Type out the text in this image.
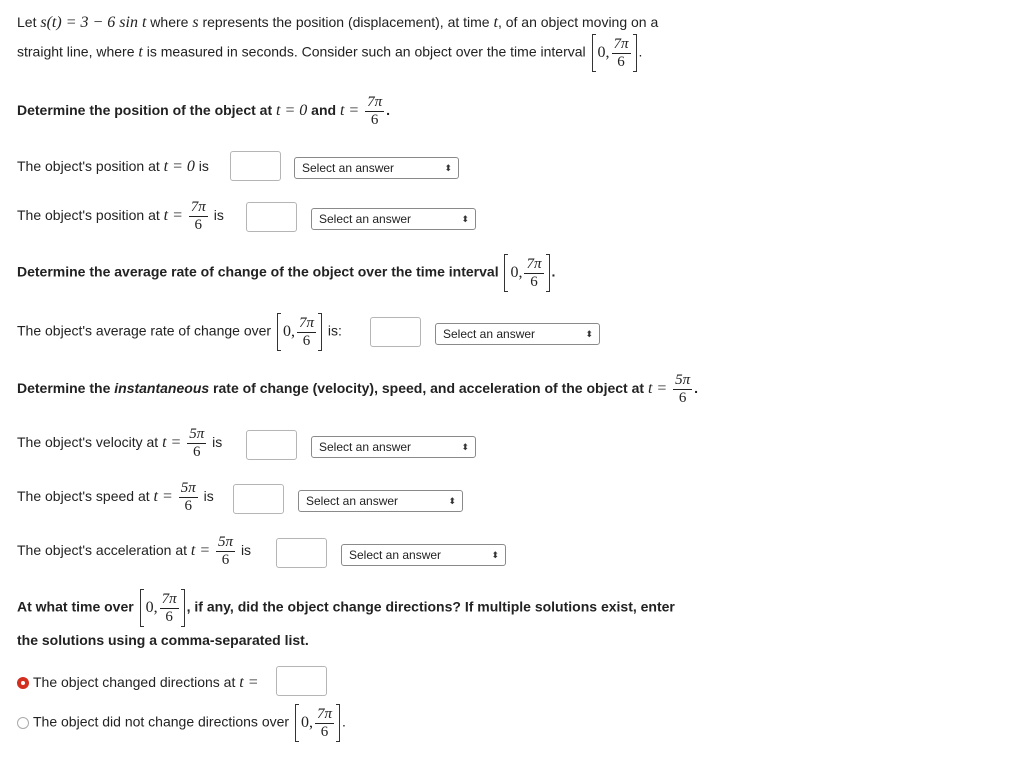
Let s(t) = 3 − 6 sin t where s represents the position (displacement), at time t, of an object moving on a
straight line, where t is measured in seconds. Consider such an object over the time interval 0, $\frac{7\pi}{6}$ .
Determine the position of the object at t = 0 and $t = \frac{7\pi}{6}$ .
The object's position at t = 0 is	Select an answer	⬍
The object's position at $t = \frac{7\pi}{6}$ is	Select an answer	⬍
Determine the average rate of change of the object over the time interval 0, $\frac{7\pi}{6}$ .
The object's average rate of change over 0, $\frac{7\pi}{6}$ is:	Select an answer	⬍
Determine the instantaneous rate of change (velocity), speed, and acceleration of the object at $t = \frac{5\pi}{6}$ .
The object's velocity at $t = \frac{5\pi}{6}$ is	Select an answer	⬍
The object's speed at $t = \frac{5\pi}{6}$ is	Select an answer	⬍
The object's acceleration at $t = \frac{5\pi}{6}$ is	Select an answer	⬍
At what time over 0, $\frac{7\pi}{6}$ , if any, did the object change directions? If multiple solutions exist, enter
the solutions using a comma-separated list.
The object changed directions at t =
The object did not change directions over 0, $\frac{7\pi}{6}$ .
